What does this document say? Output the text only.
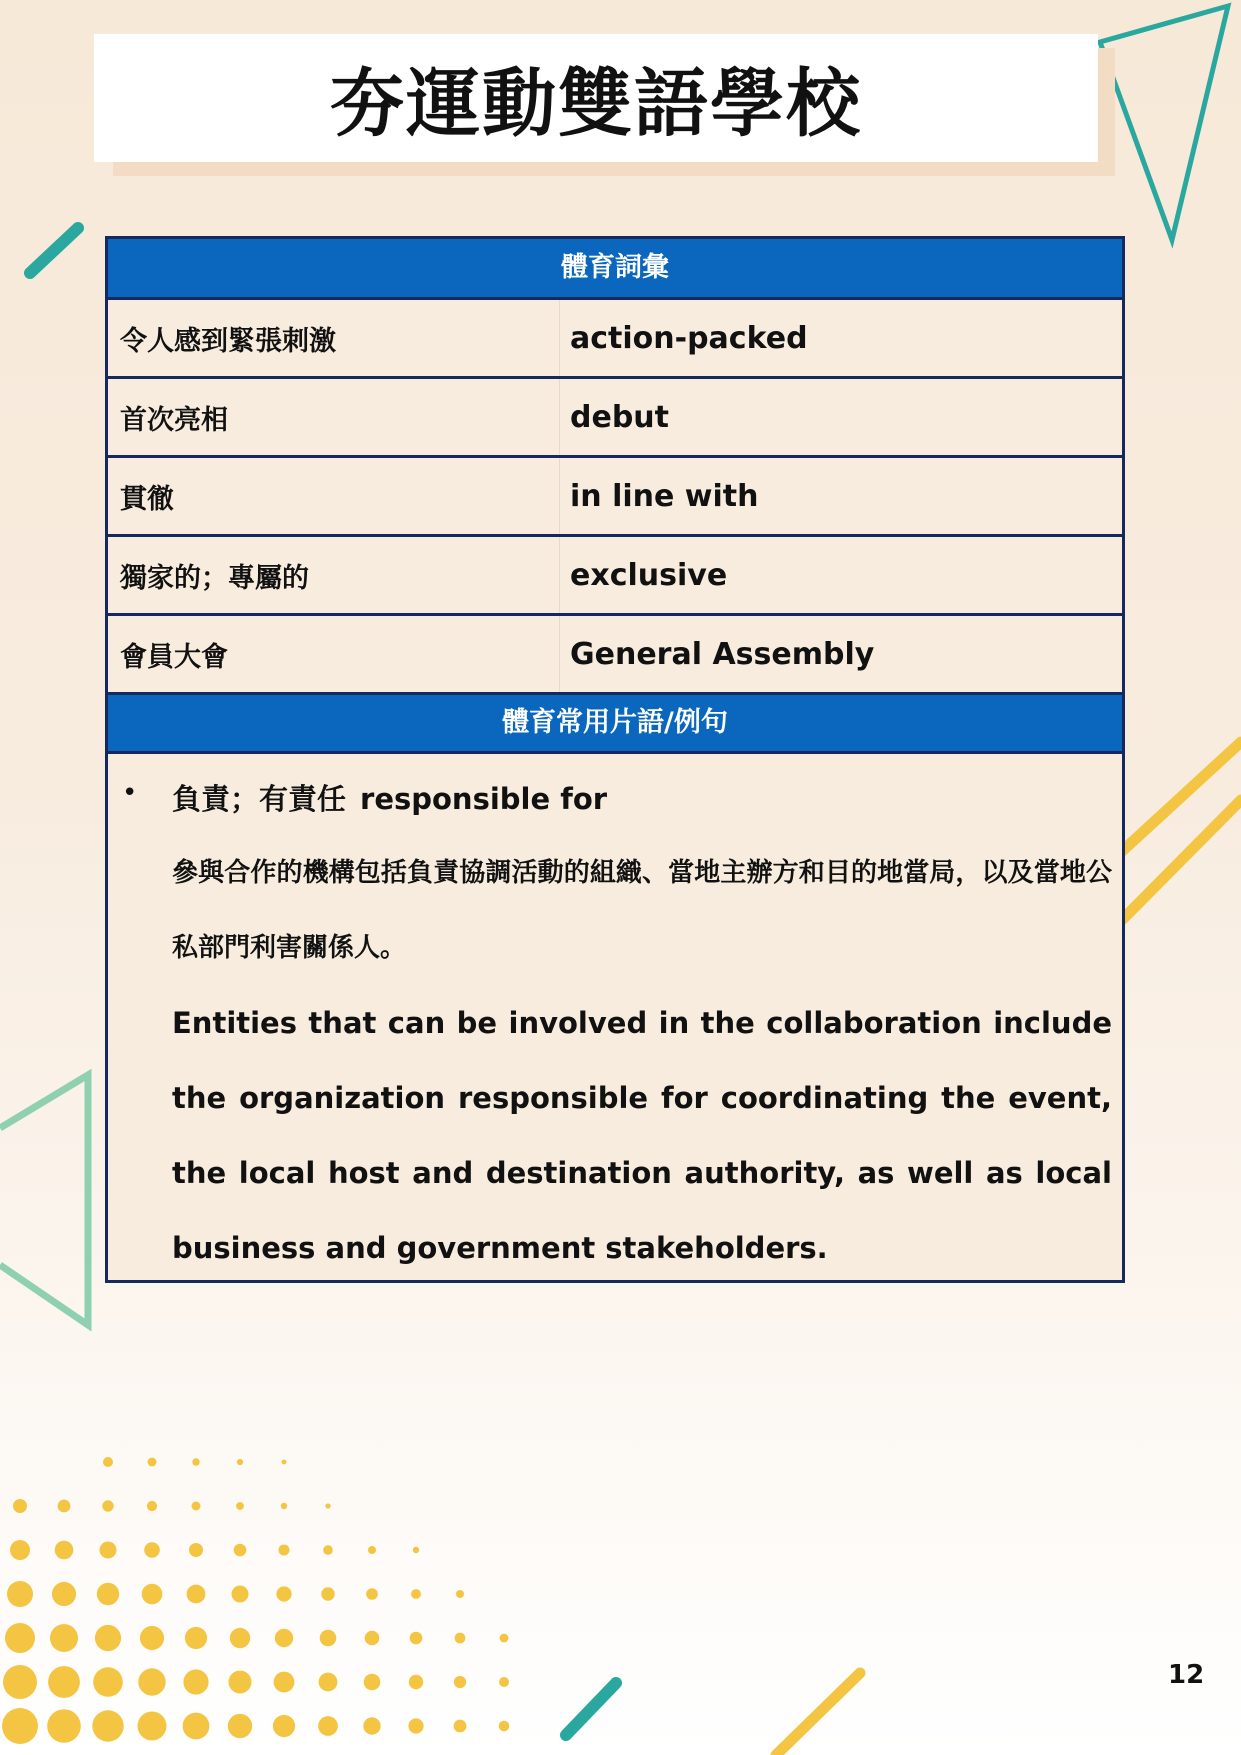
夯運動雙語學校
體育詞彙
令人感到緊張刺激	action-packed
首次亮相	debut
貫徹	in line with
獨家的；專屬的	exclusive
會員大會	General Assembly
體育常用片語/例句
• 負責；有責任 responsible for
參與合作的機構包括負責協調活動的組織、當地主辦方和目的地當局，以及當地公私部門利害關係人。
Entities that can be involved in the collaboration include the organization responsible for coordinating the event, the local host and destination authority, as well as local business and government stakeholders.
12
